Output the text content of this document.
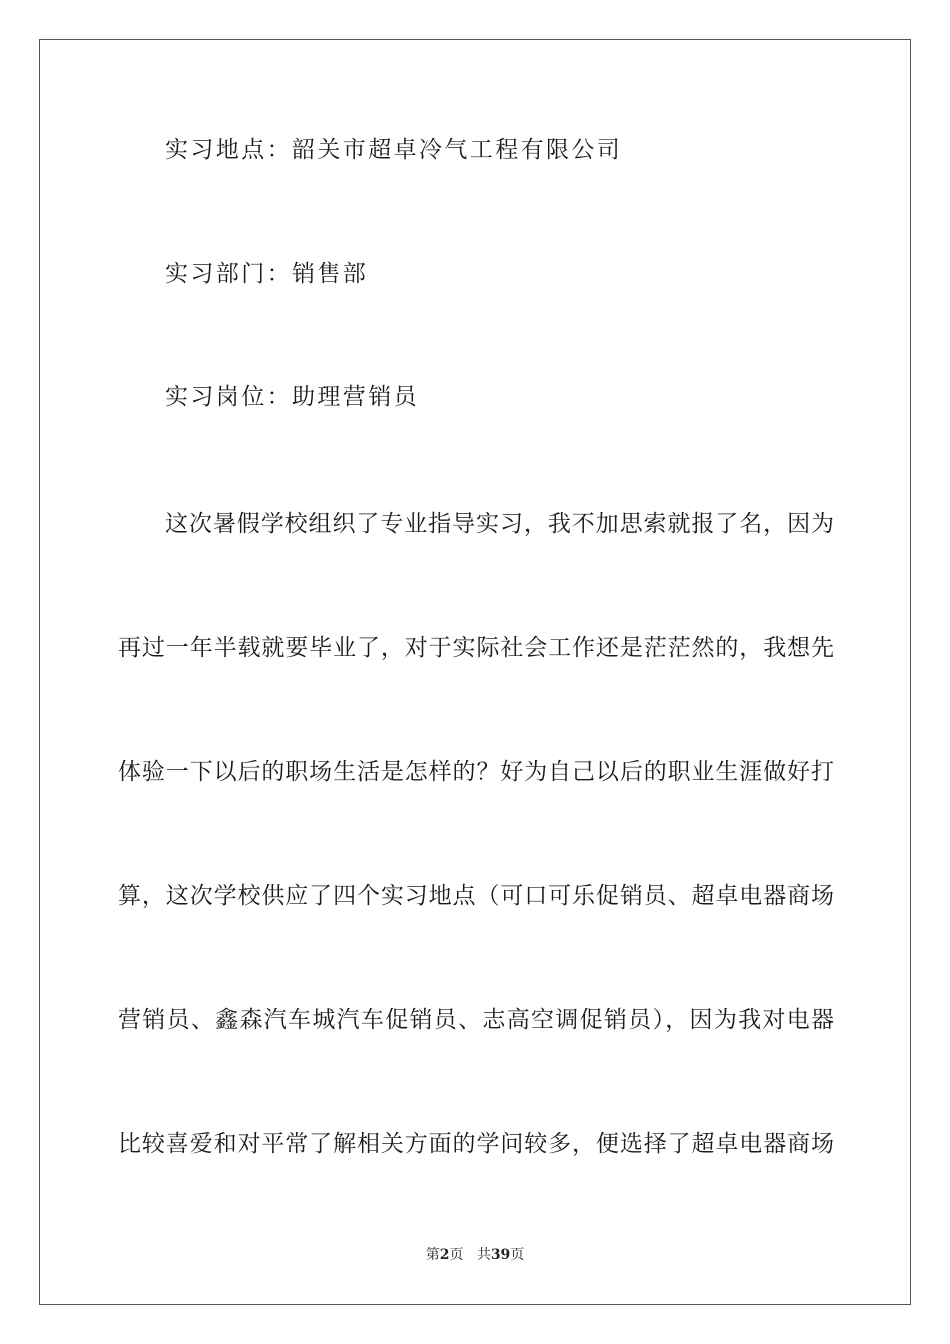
实习地点：韶关市超卓冷气工程有限公司
实习部门：销售部
实习岗位：助理营销员
这次暑假学校组织了专业指导实习，我不加思索就报了名，因为
再过一年半载就要毕业了，对于实际社会工作还是茫茫然的，我想先
体验一下以后的职场生活是怎样的？好为自己以后的职业生涯做好打
算，这次学校供应了四个实习地点（可口可乐促销员、超卓电器商场
营销员、鑫森汽车城汽车促销员、志高空调促销员），因为我对电器
比较喜爱和对平常了解相关方面的学问较多，便选择了超卓电器商场
第2页 共39页
